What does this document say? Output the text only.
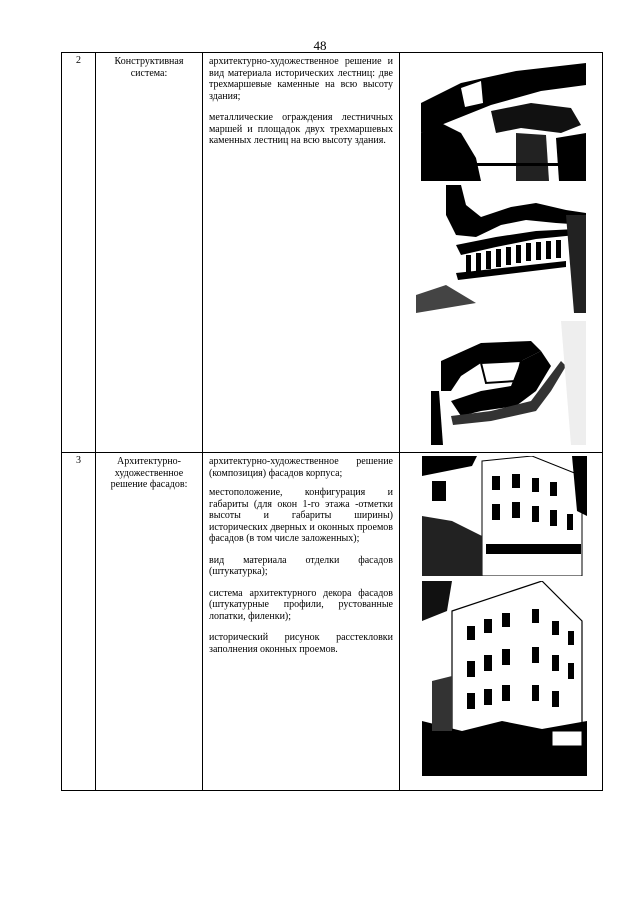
48
2	Конструктивная система:	архитектурно-художественное решение и вид материала исторических лестниц: две трехмаршевые каменные на всю высоту здания;

металлические ограждения лестничных маршей и площадок двух трехмаршевых каменных лестниц на всю высоту здания.

3	Архитектурно-художественное решение фасадов:	архитектурно-художественное решение (композиция) фасадов корпуса;

местоположение, конфигурация и габариты (для окон 1-го этажа -отметки высоты и габариты ширины) исторических дверных и оконных проемов фасадов (в том числе заложенных);

вид материала отделки фасадов (штукатурка);

система архитектурного декора фасадов (штукатурные профили, рустованные лопатки, филенки);

исторический рисунок расстекловки заполнения оконных проемов.
